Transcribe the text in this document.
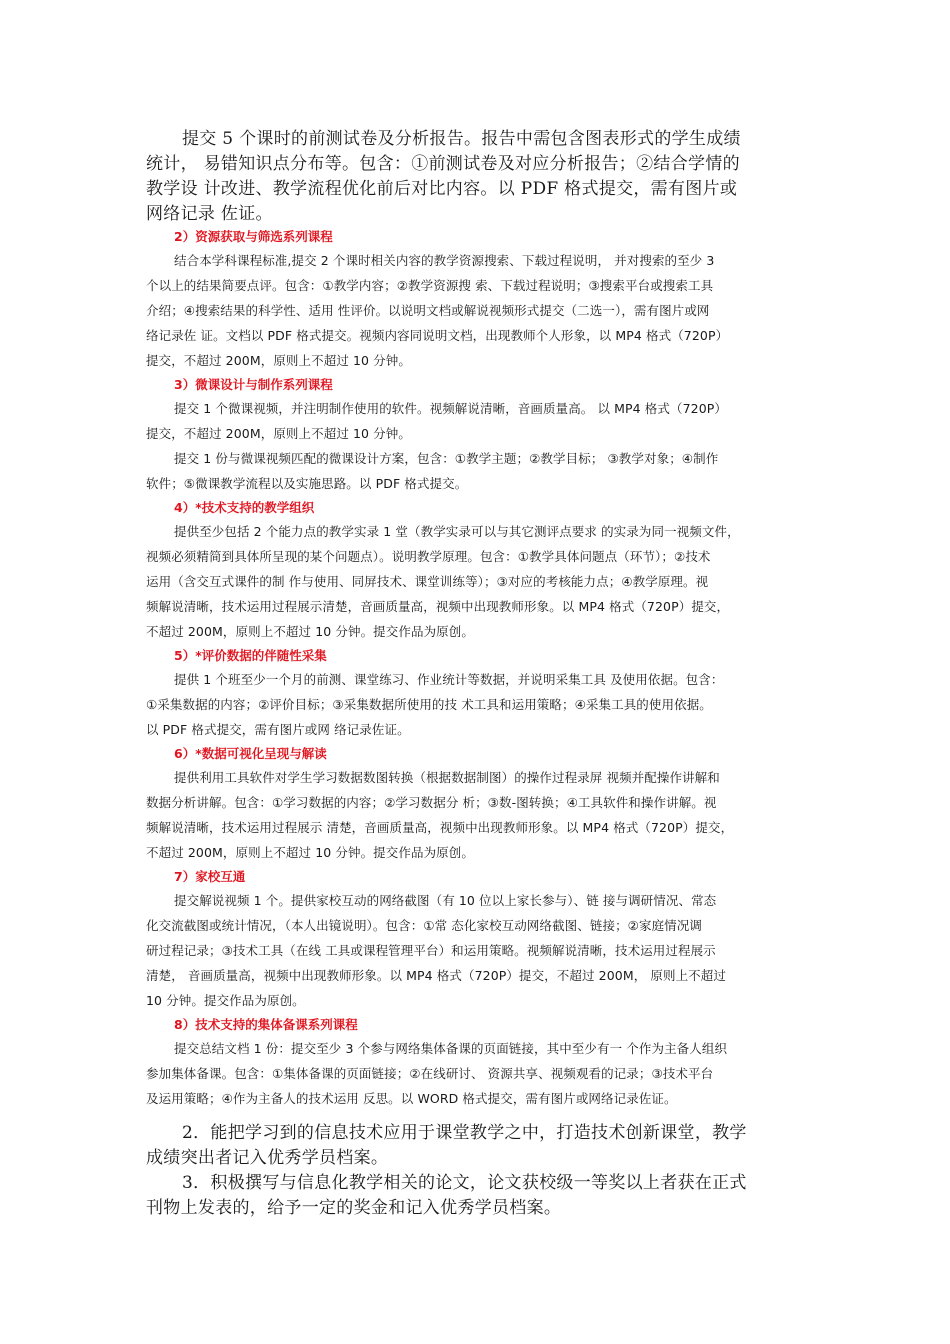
提交 5 个课时的前测试卷及分析报告。报告中需包含图表形式的学生成绩

统计， 易错知识点分布等。包含：①前测试卷及对应分析报告；②结合学情的

教学设 计改进、教学流程优化前后对比内容。以 PDF 格式提交，需有图片或

网络记录 佐证。

2）资源获取与筛选系列课程

结合本学科课程标准,提交 2 个课时相关内容的教学资源搜索、下载过程说明， 并对搜索的至少 3

个以上的结果简要点评。包含：①教学内容；②教学资源搜 索、下载过程说明；③搜索平台或搜索工具

介绍；④搜索结果的科学性、适用 性评价。以说明文档或解说视频形式提交（二选一），需有图片或网

络记录佐 证。文档以 PDF 格式提交。视频内容同说明文档，出现教师个人形象，以 MP4 格式（720P）

提交，不超过 200M，原则上不超过 10 分钟。

3）微课设计与制作系列课程

提交 1 个微课视频，并注明制作使用的软件。视频解说清晰，音画质量高。 以 MP4 格式（720P）

提交，不超过 200M，原则上不超过 10 分钟。

提交 1 份与微课视频匹配的微课设计方案，包含：①教学主题；②教学目标； ③教学对象；④制作

软件；⑤微课教学流程以及实施思路。以 PDF 格式提交。

4）*技术支持的教学组织

提供至少包括 2 个能力点的教学实录 1 堂（教学实录可以与其它测评点要求 的实录为同一视频文件，

视频必须精简到具体所呈现的某个问题点）。说明教学原理。包含：①教学具体问题点（环节）；②技术

运用（含交互式课件的制 作与使用、同屏技术、课堂训练等）；③对应的考核能力点；④教学原理。视

频解说清晰，技术运用过程展示清楚，音画质量高，视频中出现教师形象。以 MP4 格式（720P）提交，

不超过 200M，原则上不超过 10 分钟。提交作品为原创。

5）*评价数据的伴随性采集

提供 1 个班至少一个月的前测、课堂练习、作业统计等数据，并说明采集工具 及使用依据。包含：

①采集数据的内容；②评价目标；③采集数据所使用的技 术工具和运用策略；④采集工具的使用依据。

以 PDF 格式提交，需有图片或网 络记录佐证。

6）*数据可视化呈现与解读

提供利用工具软件对学生学习数据数图转换（根据数据制图）的操作过程录屏 视频并配操作讲解和

数据分析讲解。包含：①学习数据的内容；②学习数据分 析；③数-图转换；④工具软件和操作讲解。视

频解说清晰，技术运用过程展示 清楚，音画质量高，视频中出现教师形象。以 MP4 格式（720P）提交，

不超过 200M，原则上不超过 10 分钟。提交作品为原创。

7）家校互通

提交解说视频 1 个。提供家校互动的网络截图（有 10 位以上家长参与）、链 接与调研情况、常态

化交流截图或统计情况，（本人出镜说明）。包含：①常 态化家校互动网络截图、链接；②家庭情况调

研过程记录；③技术工具（在线 工具或课程管理平台）和运用策略。视频解说清晰，技术运用过程展示

清楚， 音画质量高，视频中出现教师形象。以 MP4 格式（720P）提交，不超过 200M， 原则上不超过

10 分钟。提交作品为原创。

8）技术支持的集体备课系列课程

提交总结文档 1 份：提交至少 3 个参与网络集体备课的页面链接，其中至少有一 个作为主备人组织

参加集体备课。包含：①集体备课的页面链接；②在线研讨、 资源共享、视频观看的记录；③技术平台

及运用策略；④作为主备人的技术运用 反思。以 WORD 格式提交，需有图片或网络记录佐证。

2．能把学习到的信息技术应用于课堂教学之中，打造技术创新课堂，教学

成绩突出者记入优秀学员档案。

3．积极撰写与信息化教学相关的论文，论文获校级一等奖以上者获在正式

刊物上发表的，给予一定的奖金和记入优秀学员档案。
